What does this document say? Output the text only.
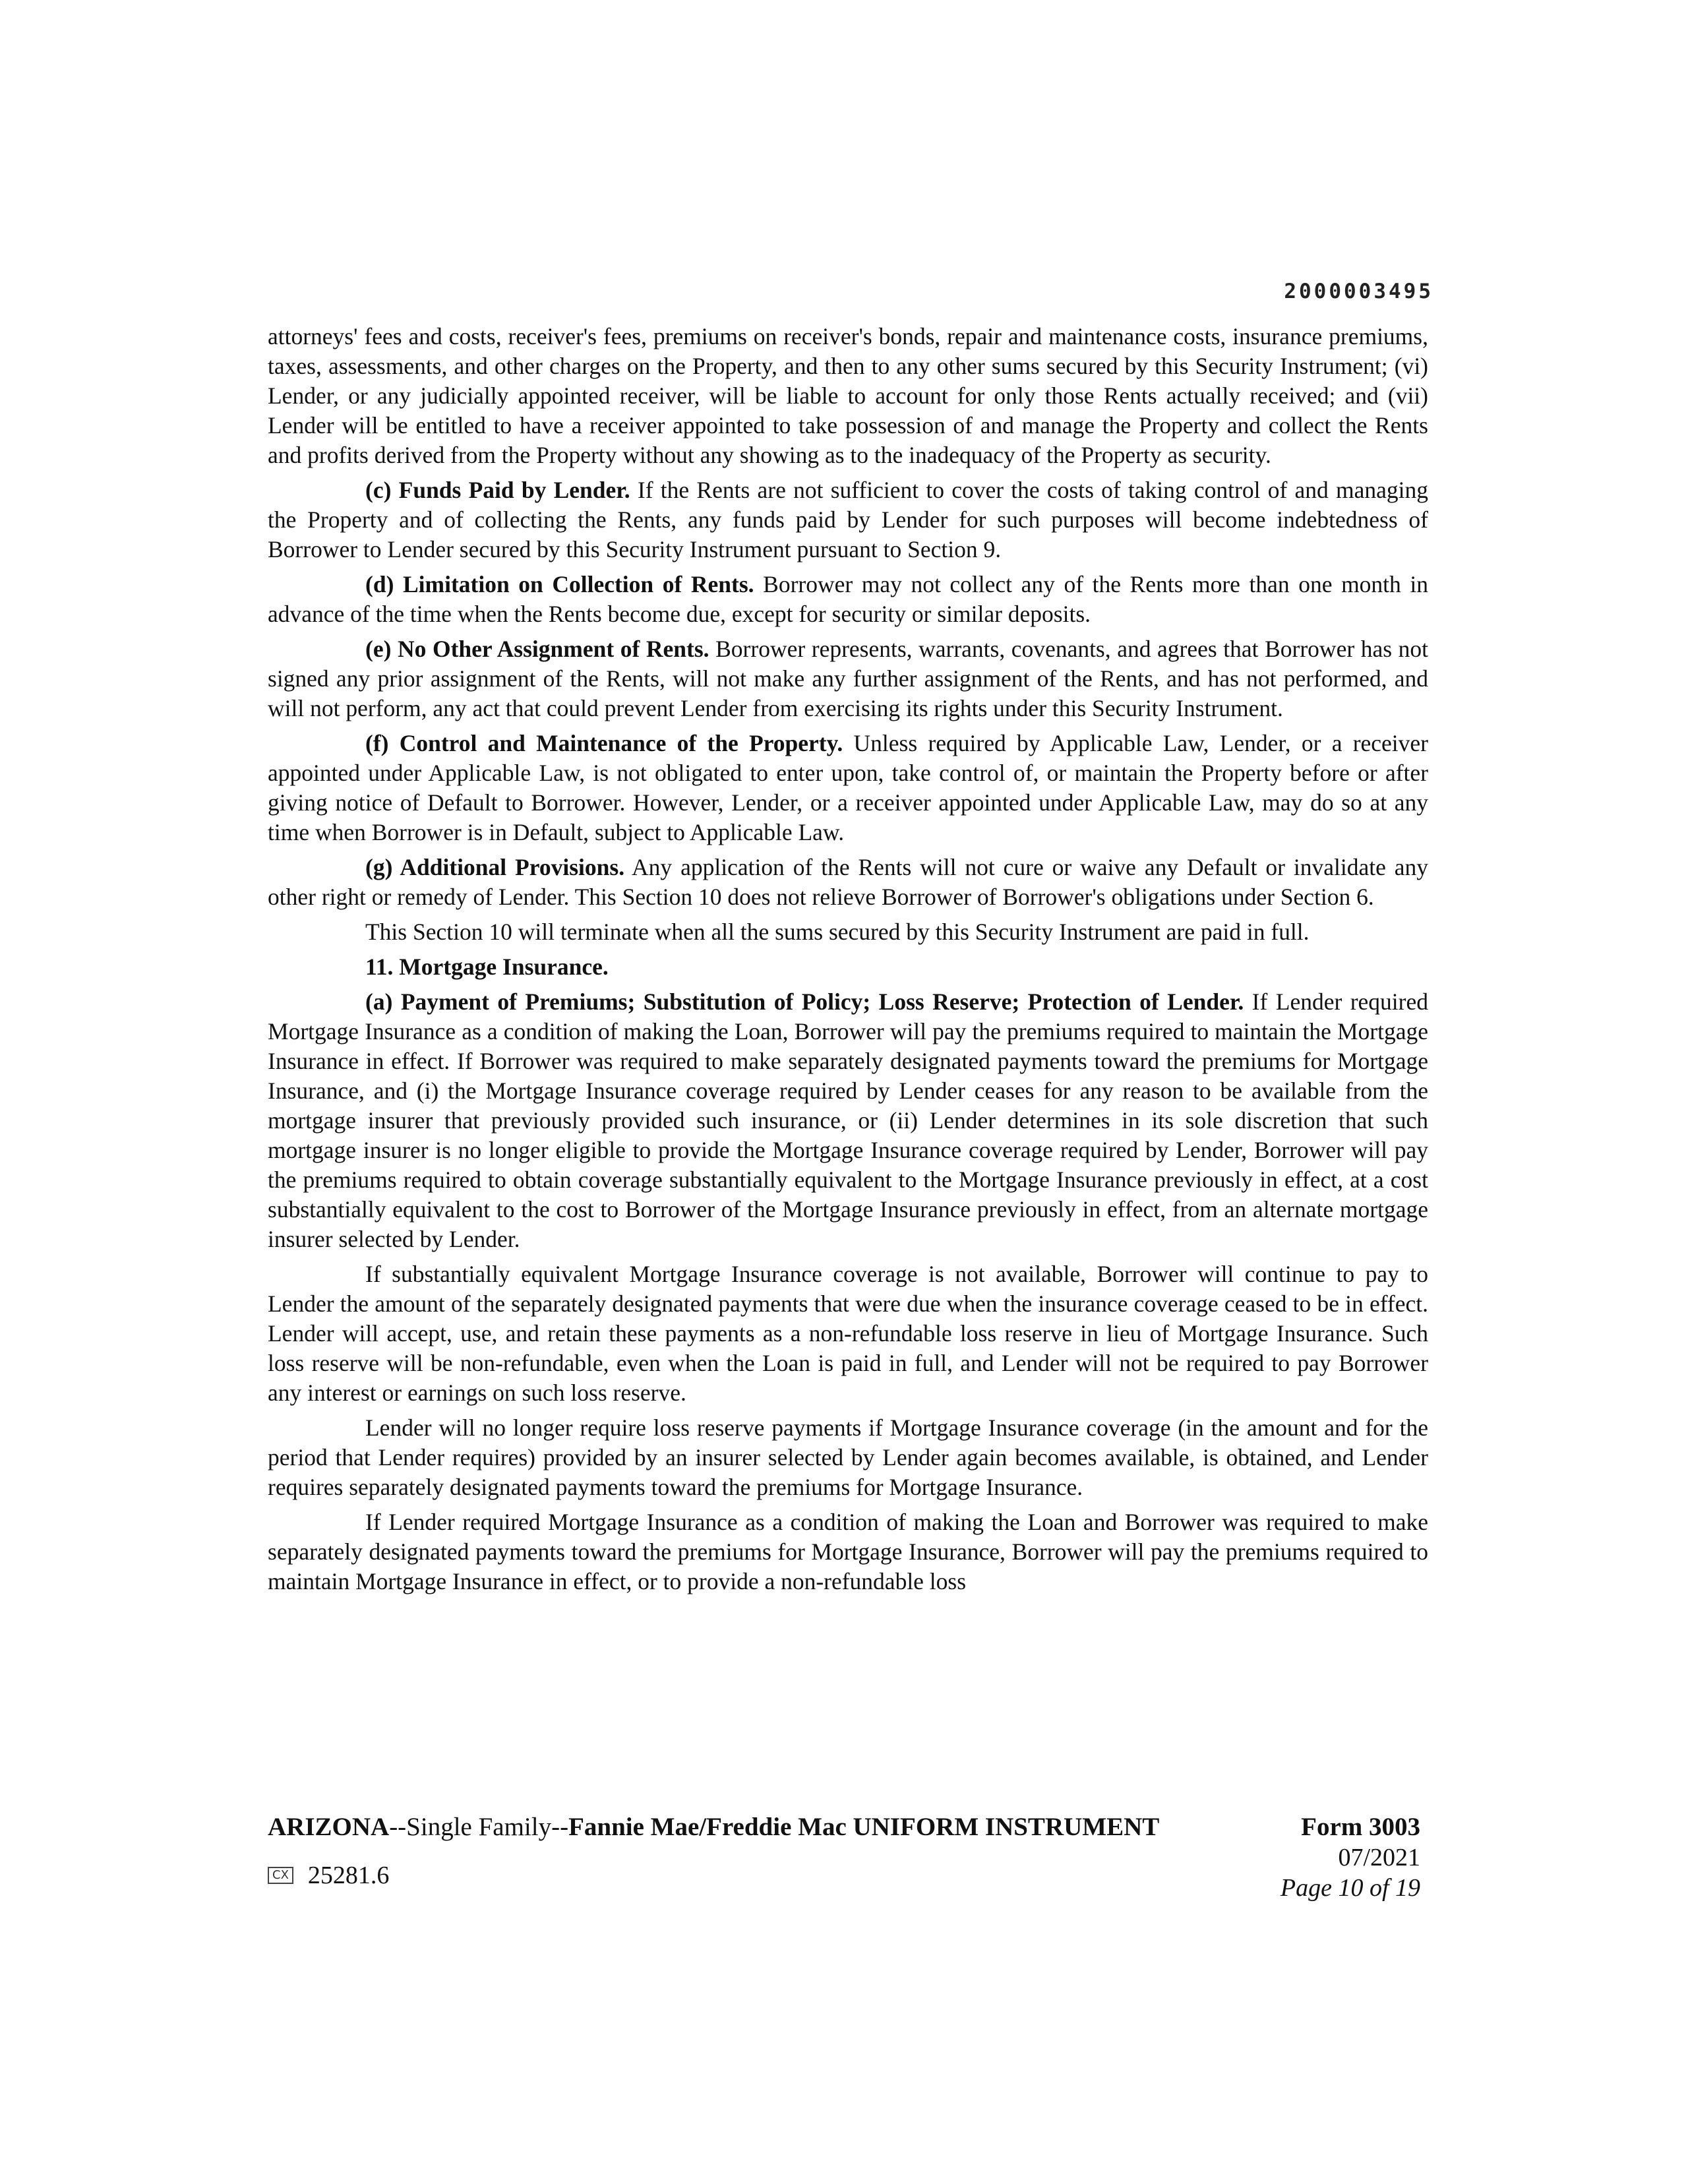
2000003495

attorneys' fees and costs, receiver's fees, premiums on receiver's bonds, repair and maintenance costs, insurance premiums, taxes, assessments, and other charges on the Property, and then to any other sums secured by this Security Instrument; (vi) Lender, or any judicially appointed receiver, will be liable to account for only those Rents actually received; and (vii) Lender will be entitled to have a receiver appointed to take possession of and manage the Property and collect the Rents and profits derived from the Property without any showing as to the inadequacy of the Property as security.

(c) Funds Paid by Lender. If the Rents are not sufficient to cover the costs of taking control of and managing the Property and of collecting the Rents, any funds paid by Lender for such purposes will become indebtedness of Borrower to Lender secured by this Security Instrument pursuant to Section 9.

(d) Limitation on Collection of Rents. Borrower may not collect any of the Rents more than one month in advance of the time when the Rents become due, except for security or similar deposits.

(e) No Other Assignment of Rents. Borrower represents, warrants, covenants, and agrees that Borrower has not signed any prior assignment of the Rents, will not make any further assignment of the Rents, and has not performed, and will not perform, any act that could prevent Lender from exercising its rights under this Security Instrument.

(f) Control and Maintenance of the Property. Unless required by Applicable Law, Lender, or a receiver appointed under Applicable Law, is not obligated to enter upon, take control of, or maintain the Property before or after giving notice of Default to Borrower. However, Lender, or a receiver appointed under Applicable Law, may do so at any time when Borrower is in Default, subject to Applicable Law.

(g) Additional Provisions. Any application of the Rents will not cure or waive any Default or invalidate any other right or remedy of Lender. This Section 10 does not relieve Borrower of Borrower's obligations under Section 6.

This Section 10 will terminate when all the sums secured by this Security Instrument are paid in full.

11. Mortgage Insurance.

(a) Payment of Premiums; Substitution of Policy; Loss Reserve; Protection of Lender. If Lender required Mortgage Insurance as a condition of making the Loan, Borrower will pay the premiums required to maintain the Mortgage Insurance in effect. If Borrower was required to make separately designated payments toward the premiums for Mortgage Insurance, and (i) the Mortgage Insurance coverage required by Lender ceases for any reason to be available from the mortgage insurer that previously provided such insurance, or (ii) Lender determines in its sole discretion that such mortgage insurer is no longer eligible to provide the Mortgage Insurance coverage required by Lender, Borrower will pay the premiums required to obtain coverage substantially equivalent to the Mortgage Insurance previously in effect, at a cost substantially equivalent to the cost to Borrower of the Mortgage Insurance previously in effect, from an alternate mortgage insurer selected by Lender.

If substantially equivalent Mortgage Insurance coverage is not available, Borrower will continue to pay to Lender the amount of the separately designated payments that were due when the insurance coverage ceased to be in effect. Lender will accept, use, and retain these payments as a non-refundable loss reserve in lieu of Mortgage Insurance. Such loss reserve will be non-refundable, even when the Loan is paid in full, and Lender will not be required to pay Borrower any interest or earnings on such loss reserve.

Lender will no longer require loss reserve payments if Mortgage Insurance coverage (in the amount and for the period that Lender requires) provided by an insurer selected by Lender again becomes available, is obtained, and Lender requires separately designated payments toward the premiums for Mortgage Insurance.

If Lender required Mortgage Insurance as a condition of making the Loan and Borrower was required to make separately designated payments toward the premiums for Mortgage Insurance, Borrower will pay the premiums required to maintain Mortgage Insurance in effect, or to provide a non-refundable loss

ARIZONA--Single Family--Fannie Mae/Freddie Mac UNIFORM INSTRUMENT
CX 25281.6
Form 3003
07/2021
Page 10 of 19
